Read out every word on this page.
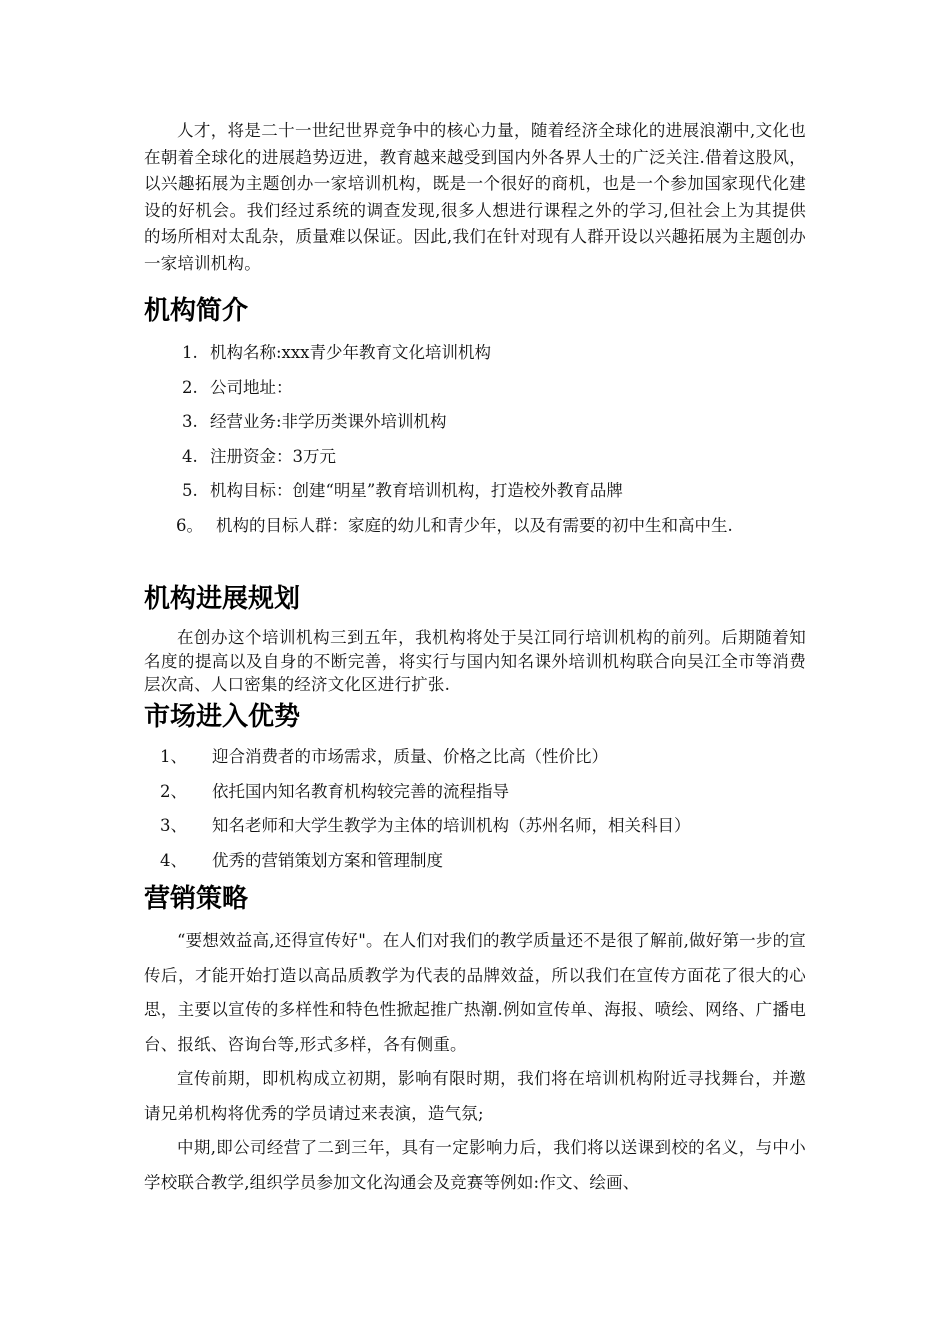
人才，将是二十一世纪世界竞争中的核心力量，随着经济全球化的进展浪潮中,文化也在朝着全球化的进展趋势迈进，教育越来越受到国内外各界人士的广泛关注.借着这股风，以兴趣拓展为主题创办一家培训机构，既是一个很好的商机，也是一个参加国家现代化建设的好机会。我们经过系统的调查发现,很多人想进行课程之外的学习,但社会上为其提供的场所相对太乱杂，质量难以保证。因此,我们在针对现有人群开设以兴趣拓展为主题创办一家培训机构。

机构简介
1. 机构名称:xxx青少年教育文化培训机构
2. 公司地址：
3. 经营业务:非学历类课外培训机构
4. 注册资金：3万元
5. 机构目标：创建“明星”教育培训机构，打造校外教育品牌

6。 机构的目标人群：家庭的幼儿和青少年，以及有需要的初中生和高中生.

机构进展规划

在创办这个培训机构三到五年，我机构将处于吴江同行培训机构的前列。后期随着知名度的提高以及自身的不断完善，将实行与国内知名课外培训机构联合向吴江全市等消费层次高、人口密集的经济文化区进行扩张.

市场进入优势
1、 迎合消费者的市场需求，质量、价格之比高（性价比）
2、 依托国内知名教育机构较完善的流程指导
3、 知名老师和大学生教学为主体的培训机构（苏州名师，相关科目）
4、 优秀的营销策划方案和管理制度
营销策略

“要想效益高,还得宣传好"。在人们对我们的教学质量还不是很了解前,做好第一步的宣传后，才能开始打造以高品质教学为代表的品牌效益，所以我们在宣传方面花了很大的心思，主要以宣传的多样性和特色性掀起推广热潮.例如宣传单、海报、喷绘、网络、广播电台、报纸、咨询台等,形式多样，各有侧重。

宣传前期，即机构成立初期，影响有限时期，我们将在培训机构附近寻找舞台，并邀请兄弟机构将优秀的学员请过来表演，造气氛;

中期,即公司经营了二到三年，具有一定影响力后，我们将以送课到校的名义，与中小学校联合教学,组织学员参加文化沟通会及竞赛等例如:作文、绘画、
